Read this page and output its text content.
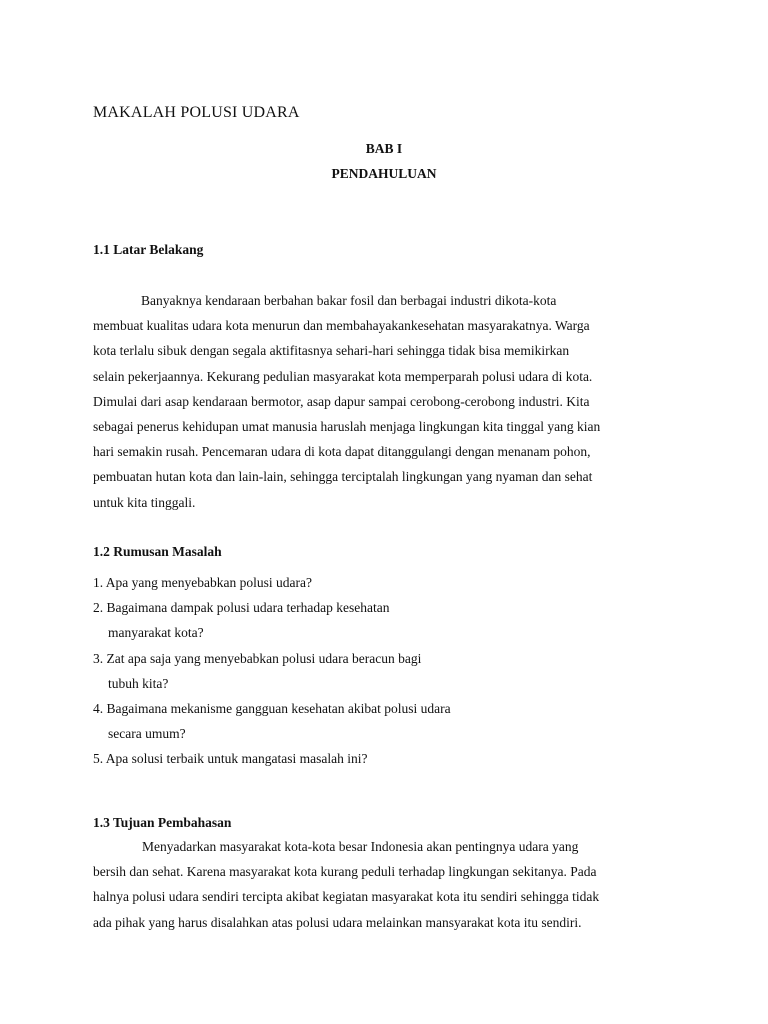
MAKALAH POLUSI UDARA
BAB I
PENDAHULUAN
1.1 Latar Belakang
Banyaknya kendaraan berbahan bakar fosil dan berbagai industri dikota-kota
membuat kualitas udara kota menurun dan membahayakankesehatan masyarakatnya. Warga
kota terlalu sibuk dengan segala aktifitasnya sehari-hari sehingga tidak bisa memikirkan
selain pekerjaannya. Kekurang pedulian masyarakat kota memperparah polusi udara di kota.
Dimulai dari asap kendaraan bermotor, asap dapur sampai cerobong-cerobong industri. Kita
sebagai penerus kehidupan umat manusia haruslah menjaga lingkungan kita tinggal yang kian
hari semakin rusah. Pencemaran udara di kota dapat ditanggulangi dengan menanam pohon,
pembuatan hutan kota dan lain-lain, sehingga terciptalah lingkungan yang nyaman dan sehat
untuk kita tinggali.
1.2 Rumusan Masalah
1. Apa yang menyebabkan polusi udara?
2. Bagaimana dampak polusi udara terhadap kesehatan
manyarakat kota?
3. Zat apa saja yang menyebabkan polusi udara beracun bagi
tubuh kita?
4. Bagaimana mekanisme gangguan kesehatan akibat polusi udara
secara umum?
5. Apa solusi terbaik untuk mangatasi masalah ini?
1.3 Tujuan Pembahasan
Menyadarkan masyarakat kota-kota besar Indonesia akan pentingnya udara yang
bersih dan sehat. Karena masyarakat kota kurang peduli terhadap lingkungan sekitanya. Pada
halnya polusi udara sendiri tercipta akibat kegiatan masyarakat kota itu sendiri sehingga tidak
ada pihak yang harus disalahkan atas polusi udara melainkan mansyarakat kota itu sendiri.
